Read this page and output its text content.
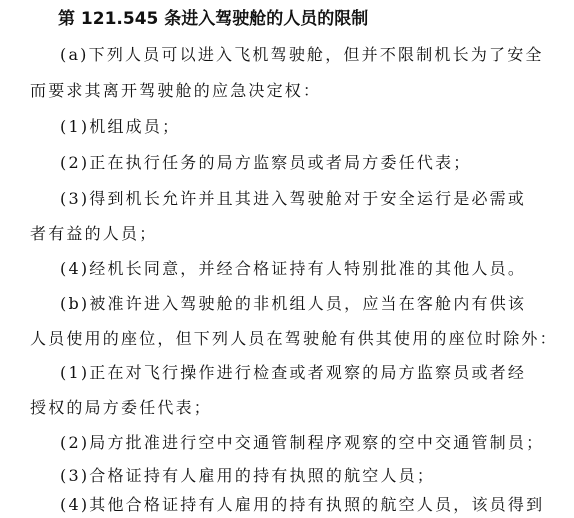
第 121.545 条进入驾驶舱的人员的限制
(a)下列人员可以进入飞机驾驶舱，但并不限制机长为了安全
而要求其离开驾驶舱的应急决定权：
(1)机组成员；
(2)正在执行任务的局方监察员或者局方委任代表；
(3)得到机长允许并且其进入驾驶舱对于安全运行是必需或
者有益的人员；
(4)经机长同意，并经合格证持有人特别批准的其他人员。
(b)被准许进入驾驶舱的非机组人员，应当在客舱内有供该
人员使用的座位，但下列人员在驾驶舱有供其使用的座位时除外：
(1)正在对飞行操作进行检查或者观察的局方监察员或者经
授权的局方委任代表；
(2)局方批准进行空中交通管制程序观察的空中交通管制员；
(3)合格证持有人雇用的持有执照的航空人员；
(4)其他合格证持有人雇用的持有执照的航空人员，该员得到
